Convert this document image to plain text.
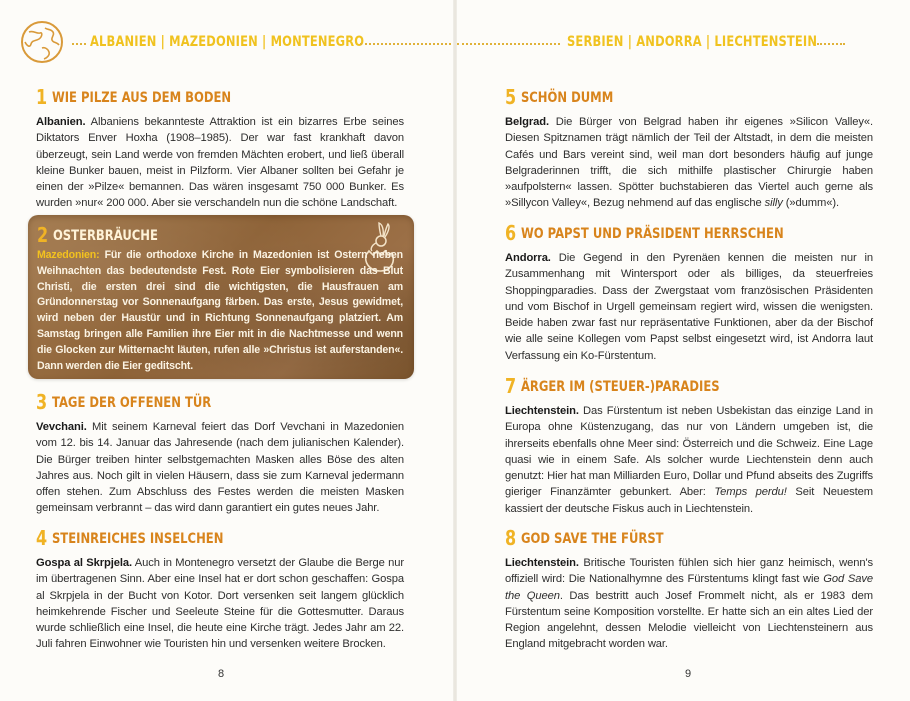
ALBANIEN | MAZEDONIEN | MONTENEGRO
1 WIE PILZE AUS DEM BODEN

Albanien. Albaniens bekannteste Attraktion ist ein bizarres Erbe seines Diktators Enver Hoxha (1908–1985). Der war fast krankhaft davon überzeugt, sein Land werde von fremden Mächten erobert, und ließ überall kleine Bunker bauen, meist in Pilzform. Vier Albaner sollten bei Gefahr je einen der »Pilze« bemannen. Das wären insgesamt 750 000 Bunker. Es wurden »nur« 200 000. Aber sie verschandeln nun die schöne Landschaft.

2 OSTERBRÄUCHE

Mazedonien: Für die orthodoxe Kirche in Mazedonien ist Ostern neben Weihnachten das bedeutendste Fest. Rote Eier symbolisieren das Blut Christi, die ersten drei sind die wichtigsten, die Hausfrauen am Gründonnerstag vor Sonnenaufgang färben. Das erste, Jesus gewidmet, wird neben der Haustür und in Richtung Sonnenaufgang platziert. Am Samstag bringen alle Familien ihre Eier mit in die Nachtmesse und wenn die Glocken zur Mitternacht läuten, rufen alle »Christus ist auferstanden«. Dann werden die Eier geditscht.

3 TAGE DER OFFENEN TÜR

Vevchani. Mit seinem Karneval feiert das Dorf Vevchani in Mazedonien vom 12. bis 14. Januar das Jahresende (nach dem julianischen Kalender). Die Bürger treiben hinter selbstgemachten Masken alles Böse des alten Jahres aus. Noch gilt in vielen Häusern, dass sie zum Karneval jedermann offen stehen. Zum Abschluss des Festes werden die meisten Masken gemeinsam verbrannt – das wird dann garantiert ein gutes neues Jahr.

4 STEINREICHES INSELCHEN

Gospa al Skrpjela. Auch in Montenegro versetzt der Glaube die Berge nur im übertragenen Sinn. Aber eine Insel hat er dort schon geschaffen: Gospa al Skrpjela in der Bucht von Kotor. Dort versenken seit langem glücklich heimkehrende Fischer und Seeleute Steine für die Gottesmutter. Daraus wurde schließlich eine Insel, die heute eine Kirche trägt. Jedes Jahr am 22. Juli fahren Einwohner wie Touristen hin und versenken weitere Brocken.

8
SERBIEN | ANDORRA | LIECHTENSTEIN
5 SCHÖN DUMM

Belgrad. Die Bürger von Belgrad haben ihr eigenes »Silicon Valley«. Diesen Spitznamen trägt nämlich der Teil der Altstadt, in dem die meisten Cafés und Bars vereint sind, weil man dort besonders häufig auf junge Belgraderinnen trifft, die sich mithilfe plastischer Chirurgie haben »aufpolstern« lassen. Spötter buchstabieren das Viertel auch gerne als »Sillycon Valley«, Bezug nehmend auf das englische silly (»dumm«).

6 WO PAPST UND PRÄSIDENT HERRSCHEN

Andorra. Die Gegend in den Pyrenäen kennen die meisten nur in Zusammenhang mit Wintersport oder als billiges, da steuerfreies Shoppingparadies. Dass der Zwergstaat vom französischen Präsidenten und vom Bischof in Urgell gemeinsam regiert wird, wissen die wenigsten. Beide haben zwar fast nur repräsentative Funktionen, aber da der Bischof wie alle seine Kollegen vom Papst selbst eingesetzt wird, ist Andorra laut Verfassung ein Ko-Fürstentum.

7 ÄRGER IM (STEUER-)PARADIES

Liechtenstein. Das Fürstentum ist neben Usbekistan das einzige Land in Europa ohne Küstenzugang, das nur von Ländern umgeben ist, die ihrerseits ebenfalls ohne Meer sind: Österreich und die Schweiz. Eine Lage quasi wie in einem Safe. Als solcher wurde Liechtenstein denn auch genutzt: Hier hat man Milliarden Euro, Dollar und Pfund abseits des Zugriffs gieriger Finanzämter gebunkert. Aber: Temps perdu! Seit Neuestem kassiert der deutsche Fiskus auch in Liechtenstein.

8 GOD SAVE THE FÜRST

Liechtenstein. Britische Touristen fühlen sich hier ganz heimisch, wenn's offiziell wird: Die Nationalhymne des Fürstentums klingt fast wie God Save the Queen. Das bestritt auch Josef Frommelt nicht, als er 1983 dem Fürstentum seine Komposition vorstellte. Er hatte sich an ein altes Lied der Region angelehnt, dessen Melodie vielleicht von Liechtensteinern aus England mitgebracht worden war.

9
